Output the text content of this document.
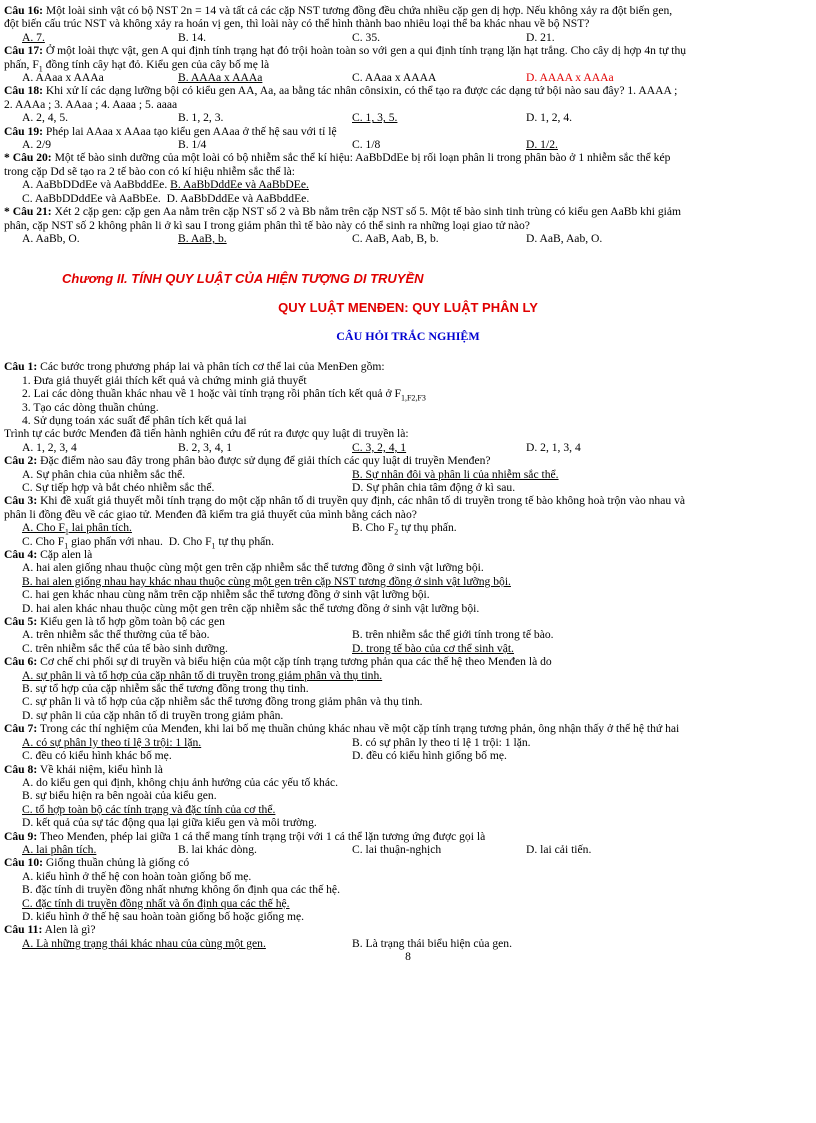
Câu 16: Một loài sinh vật có bộ NST 2n = 14 và tất cả các cặp NST tương đồng đều chứa nhiều cặp gen dị hợp. Nếu không xảy ra đột biến gen,
đột biến cấu trúc NST và không xảy ra hoán vị gen, thì loài này có thể hình thành bao nhiêu loại thể ba khác nhau về bộ NST?
A. 7.	B. 14.	C. 35.	D. 21.
Câu 17: Ở một loài thực vật, gen A qui định tính trạng hạt đỏ trội hoàn toàn so với gen a qui định tính trạng lặn hạt trắng. Cho cây dị hợp 4n tự thụ
phấn, $F_1$ đồng tính cây hạt đỏ. Kiểu gen của cây bố mẹ là
A. AAaa x AAAa	B. AAAa x AAAa	C. AAaa x AAAA	D. AAAA x AAAa
Câu 18: Khi xử lí các dạng lưỡng bội có kiểu gen AA, Aa, aa bằng tác nhân cônsixin, có thể tạo ra được các dạng tứ bội nào sau đây? 1. AAAA ;
2. AAAa ; 3. AAaa ; 4. Aaaa ; 5. aaaa
A. 2, 4, 5.	B. 1, 2, 3.	C. 1, 3, 5.	D. 1, 2, 4.
Câu 19: Phép lai AAaa x AAaa tạo kiểu gen AAaa ở thế hệ sau với tỉ lệ
A. 2/9	B. 1/4	C. 1/8	D. 1/2.
* Câu 20: Một tế bào sinh dưỡng của một loài có bộ nhiễm sắc thể kí hiệu: AaBbDdEe bị rối loạn phân li trong phân bào ở 1 nhiễm sắc thể kép
trong cặp Dd sẽ tạo ra 2 tế bào con có kí hiệu nhiễm sắc thể là:
A. AaBbDDdEe và AaBbddEe. B. AaBbDddEe và AaBbDEe.
C. AaBbDDddEe và AaBbEe. D. AaBbDddEe và AaBbddEe.
* Câu 21: Xét 2 cặp gen: cặp gen Aa nằm trên cặp NST số 2 và Bb nằm trên cặp NST số 5. Một tế bào sinh tinh trùng có kiểu gen AaBb khi giảm
phân, cặp NST số 2 không phân li ở kì sau I trong giảm phân thì tế bào này có thể sinh ra những loại giao tử nào?
A. AaBb, O.	B. AaB, b.	C. AaB, Aab, B, b.	D. AaB, Aab, O.
Chương II. TÍNH QUY LUẬT CỦA HIỆN TƯỢNG DI TRUYỀN
QUY LUẬT MENĐEN: QUY LUẬT PHÂN LY
CÂU HỎI TRẮC NGHIỆM
Câu 1: Các bước trong phương pháp lai và phân tích cơ thể lai của MenĐen gồm:
1. Đưa giả thuyết giải thích kết quả và chứng minh giả thuyết
2. Lai các dòng thuần khác nhau về 1 hoặc vài tính trạng rồi phân tích kết quả ở $F_{1,F2,F3}$
3. Tạo các dòng thuần chủng.
4. Sử dụng toán xác suất để phân tích kết quả lai
Trình tự các bước Menđen đã tiến hành nghiên cứu để rút ra được quy luật di truyền là:
A. 1, 2, 3, 4	B. 2, 3, 4, 1	C. 3, 2, 4, 1	D. 2, 1, 3, 4
Câu 2: Đặc điểm nào sau đây trong phân bào được sử dụng để giải thích các quy luật di truyền Menđen?
A. Sự phân chia của nhiễm sắc thể.	B. Sự nhân đôi và phân li của nhiễm sắc thể.
C. Sự tiếp hợp và bắt chéo nhiễm sắc thể.	D. Sự phân chia tâm động ở kì sau.
Câu 3: Khi đề xuất giả thuyết mỗi tính trạng do một cặp nhân tố di truyền quy định, các nhân tố di truyền trong tế bào không hoà trộn vào nhau và
phân li đồng đều về các giao tử. Menđen đã kiểm tra giả thuyết của mình bằng cách nào?
A. Cho $F_1$ lai phân tích.	B. Cho $F_2$ tự thụ phấn.
C. Cho $F_1$ giao phấn với nhau. D. Cho $F_1$ tự thụ phấn.
Câu 4: Cặp alen là
A. hai alen giống nhau thuộc cùng một gen trên cặp nhiễm sắc thể tương đồng ở sinh vật lưỡng bội.
B. hai alen giống nhau hay khác nhau thuộc cùng một gen trên cặp NST tương đồng ở sinh vật lưỡng bội.
C. hai gen khác nhau cùng nằm trên cặp nhiễm sắc thể tương đồng ở sinh vật lưỡng bội.
D. hai alen khác nhau thuộc cùng một gen trên cặp nhiễm sắc thể tương đồng ở sinh vật lưỡng bội.
Câu 5: Kiểu gen là tổ hợp gồm toàn bộ các gen
A. trên nhiễm sắc thể thường của tế bào.	B. trên nhiễm sắc thể giới tính trong tế bào.
C. trên nhiễm sắc thể của tế bào sinh dưỡng.	D. trong tế bào của cơ thể sinh vật.
Câu 6: Cơ chế chi phối sự di truyền và biểu hiện của một cặp tính trạng tương phản qua các thế hệ theo Menđen là do
A. sự phân li và tổ hợp của cặp nhân tố di truyền trong giảm phân và thụ tinh.
B. sự tổ hợp của cặp nhiễm sắc thể tương đồng trong thụ tinh.
C. sự phân li và tổ hợp của cặp nhiễm sắc thể tương đồng trong giảm phân và thụ tinh.
D. sự phân li của cặp nhân tố di truyền trong giảm phân.
Câu 7: Trong các thí nghiệm của Menđen, khi lai bố mẹ thuần chủng khác nhau về một cặp tính trạng tương phản, ông nhận thấy ở thế hệ thứ hai
A. có sự phân ly theo tỉ lệ 3 trội: 1 lặn.	B. có sự phân ly theo tỉ lệ 1 trội: 1 lặn.
C. đều có kiểu hình khác bố mẹ.	D. đều có kiểu hình giống bố mẹ.
Câu 8: Về khái niệm, kiểu hình là
A. do kiểu gen qui định, không chịu ảnh hưởng của các yếu tố khác.
B. sự biểu hiện ra bên ngoài của kiểu gen.
C. tổ hợp toàn bộ các tính trạng và đặc tính của cơ thể.
D. kết quả của sự tác động qua lại giữa kiểu gen và môi trường.
Câu 9: Theo Menđen, phép lai giữa 1 cá thể mang tính trạng trội với 1 cá thể lặn tương ứng được gọi là
A. lai phân tích.	B. lai khác dòng.	C. lai thuận-nghịch	D. lai cải tiến.
Câu 10: Giống thuần chủng là giống có
A. kiểu hình ở thế hệ con hoàn toàn giống bố mẹ.
B. đặc tính di truyền đồng nhất nhưng không ổn định qua các thế hệ.
C. đặc tính di truyền đồng nhất và ổn định qua các thế hệ.
D. kiểu hình ở thế hệ sau hoàn toàn giống bố hoặc giống mẹ.
Câu 11: Alen là gì?
A. Là những trạng thái khác nhau của cùng một gen.	B. Là trạng thái biểu hiện của gen.
8
